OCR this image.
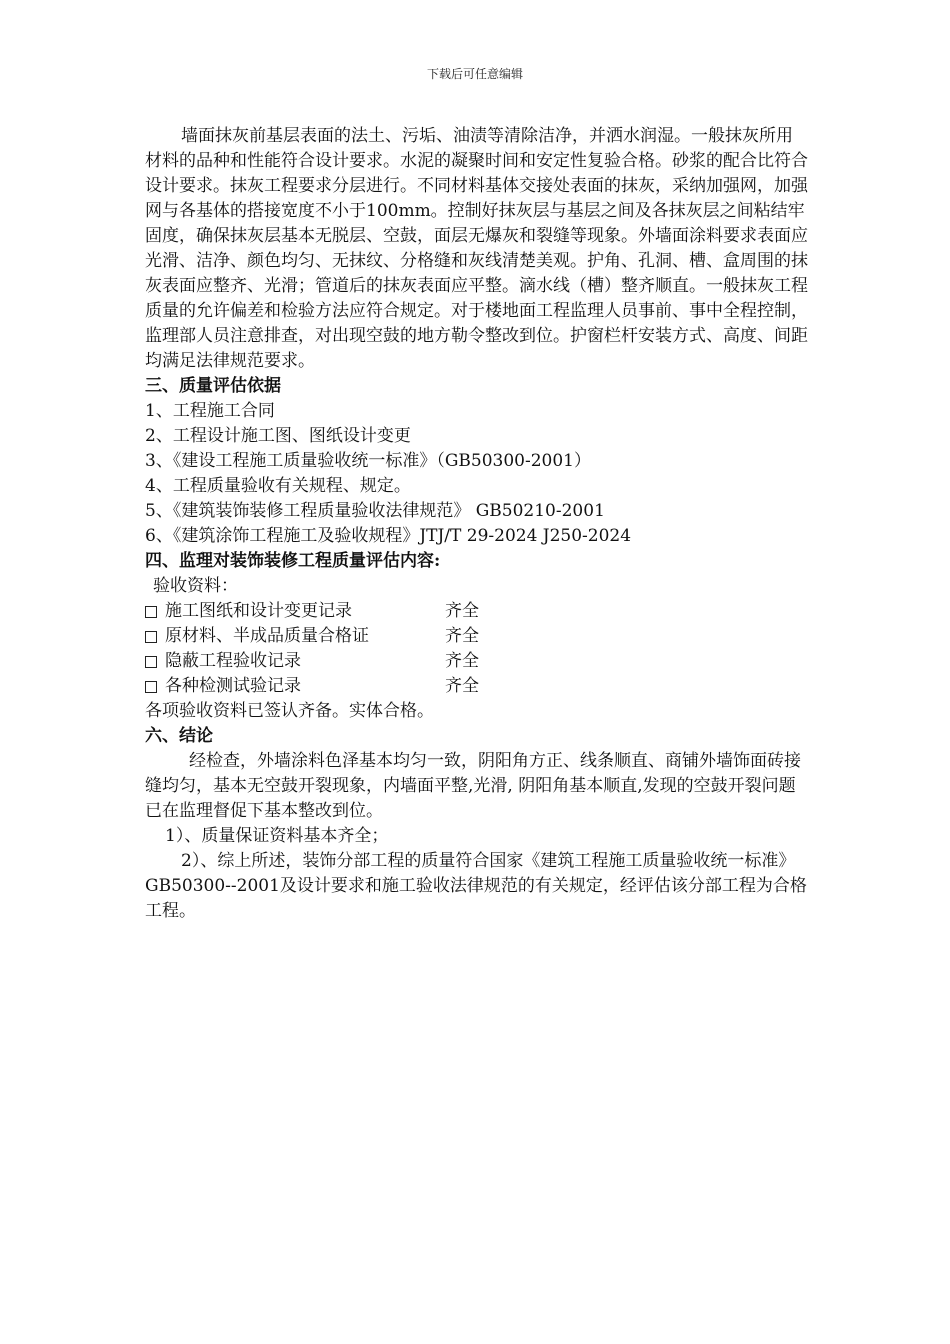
下载后可任意编辑

墙面抹灰前基层表面的法土、污垢、油渍等清除洁净，并洒水润湿。一般抹灰所用材料的品种和性能符合设计要求。水泥的凝聚时间和安定性复验合格。砂浆的配合比符合设计要求。抹灰工程要求分层进行。不同材料基体交接处表面的抹灰，采纳加强网，加强网与各基体的搭接宽度不小于100mm。控制好抹灰层与基层之间及各抹灰层之间粘结牢固度，确保抹灰层基本无脱层、空鼓，面层无爆灰和裂缝等现象。外墙面涂料要求表面应光滑、洁净、颜色均匀、无抹纹、分格缝和灰线清楚美观。护角、孔洞、槽、盒周围的抹灰表面应整齐、光滑；管道后的抹灰表面应平整。滴水线（槽）整齐顺直。一般抹灰工程质量的允许偏差和检验方法应符合规定。对于楼地面工程监理人员事前、事中全程控制，监理部人员注意排查，对出现空鼓的地方勒令整改到位。护窗栏杆安装方式、高度、间距均满足法律规范要求。

三、质量评估依据

1、工程施工合同

2、工程设计施工图、图纸设计变更

3、《建设工程施工质量验收统一标准》（GB50300-2001）

4、工程质量验收有关规程、规定。

5、《建筑装饰装修工程质量验收法律规范》 GB50210-2001

6、《建筑涂饰工程施工及验收规程》JTJ/T 29-2024 J250-2024

四、监理对装饰装修工程质量评估内容:

验收资料：

施工图纸和设计变更记录	齐全
原材料、半成品质量合格证	齐全
隐蔽工程验收记录	齐全
各种检测试验记录	齐全

各项验收资料已签认齐备。实体合格。

六、结论

经检查，外墙涂料色泽基本均匀一致，阴阳角方正、线条顺直、商铺外墙饰面砖接缝均匀，基本无空鼓开裂现象，内墙面平整,光滑, 阴阳角基本顺直,发现的空鼓开裂问题已在监理督促下基本整改到位。

1）、质量保证资料基本齐全；

2）、综上所述，装饰分部工程的质量符合国家《建筑工程施工质量验收统一标准》GB50300--2001及设计要求和施工验收法律规范的有关规定，经评估该分部工程为合格工程。
